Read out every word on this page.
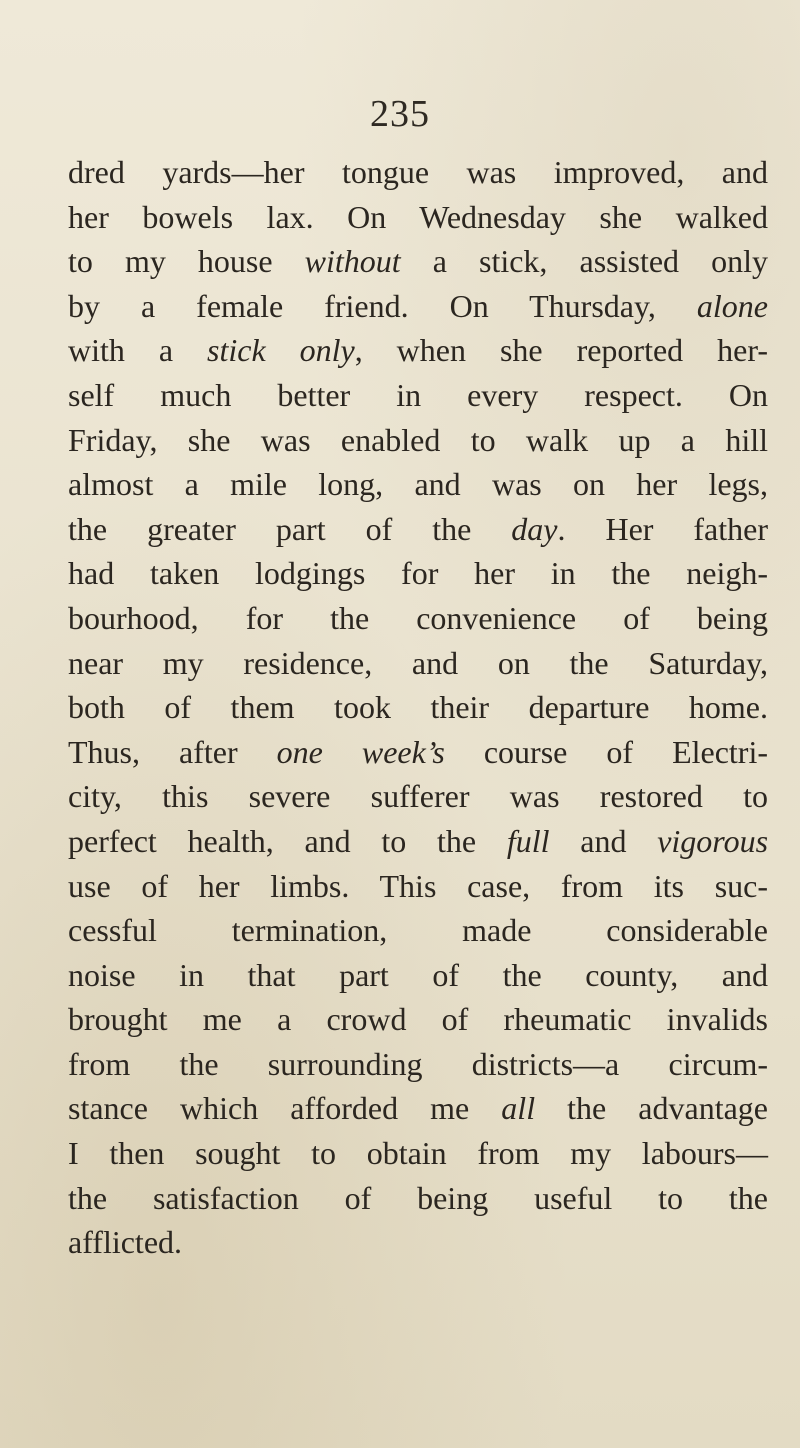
235
dred yards—her tongue was improved, and
her bowels lax. On Wednesday she walked
to my house without a stick, assisted only
by a female friend. On Thursday, alone
with a stick only, when she reported her-
self much better in every respect. On
Friday, she was enabled to walk up a hill
almost a mile long, and was on her legs,
the greater part of the day. Her father
had taken lodgings for her in the neigh-
bourhood, for the convenience of being
near my residence, and on the Saturday,
both of them took their departure home.
Thus, after one week’s course of Electri-
city, this severe sufferer was restored to
perfect health, and to the full and vigorous
use of her limbs. This case, from its suc-
cessful termination, made considerable
noise in that part of the county, and
brought me a crowd of rheumatic invalids
from the surrounding districts—a circum-
stance which afforded me all the advantage
I then sought to obtain from my labours—
the satisfaction of being useful to the
afflicted.
